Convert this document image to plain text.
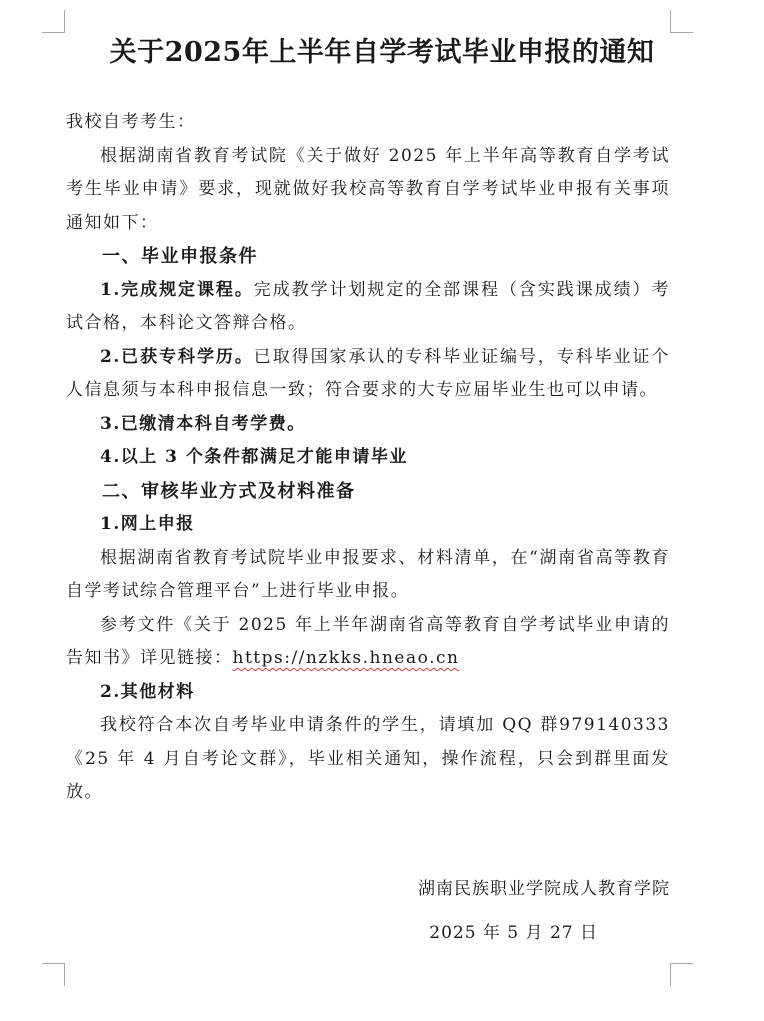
关于2025年上半年自学考试毕业申报的通知

我校自考考生：

根据湖南省教育考试院《关于做好 2025 年上半年高等教育自学考试考生毕业申请》要求，现就做好我校高等教育自学考试毕业申报有关事项通知如下：

一、毕业申报条件

1.完成规定课程。完成教学计划规定的全部课程（含实践课成绩）考试合格，本科论文答辩合格。

2.已获专科学历。已取得国家承认的专科毕业证编号，专科毕业证个人信息须与本科申报信息一致；符合要求的大专应届毕业生也可以申请。

3.已缴清本科自考学费。

4.以上 3 个条件都满足才能申请毕业

二、审核毕业方式及材料准备

1.网上申报

根据湖南省教育考试院毕业申报要求、材料清单，在“湖南省高等教育自学考试综合管理平台”上进行毕业申报。

参考文件《关于 2025 年上半年湖南省高等教育自学考试毕业申请的告知书》详见链接：https://nzkks.hneao.cn

2.其他材料

我校符合本次自考毕业申请条件的学生，请填加 QQ 群979140333《25 年 4 月自考论文群》，毕业相关通知，操作流程，只会到群里面发放。

湖南民族职业学院成人教育学院
2025 年 5 月 27 日
